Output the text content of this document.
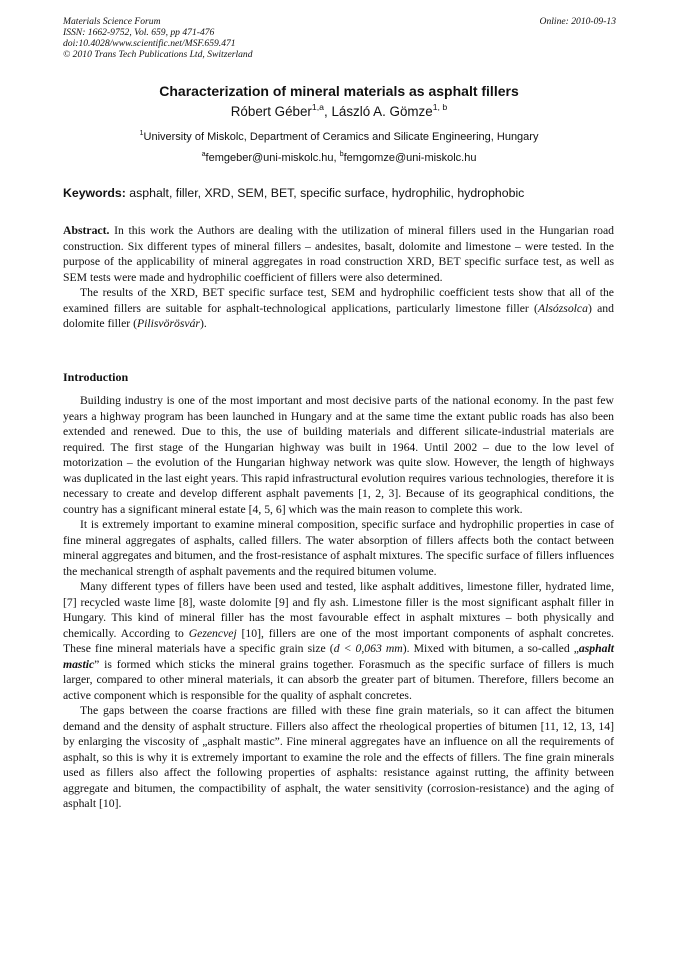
Materials Science Forum
ISSN: 1662-9752, Vol. 659, pp 471-476
doi:10.4028/www.scientific.net/MSF.659.471
© 2010 Trans Tech Publications Ltd, Switzerland
Online: 2010-09-13
Characterization of mineral materials as asphalt fillers
Róbert Géber$^{1,a}$, László A. Gömze$^{1, b}$
$^1$University of Miskolc, Department of Ceramics and Silicate Engineering, Hungary
$^a$femgeber@uni-miskolc.hu, $^b$femgomze@uni-miskolc.hu
Keywords: asphalt, filler, XRD, SEM, BET, specific surface, hydrophilic, hydrophobic

Abstract. In this work the Authors are dealing with the utilization of mineral fillers used in the Hungarian road construction. Six different types of mineral fillers – andesites, basalt, dolomite and limestone – were tested. In the purpose of the applicability of mineral aggregates in road construction XRD, BET specific surface test, as well as SEM tests were made and hydrophilic coefficient of fillers were also determined.

The results of the XRD, BET specific surface test, SEM and hydrophilic coefficient tests show that all of the examined fillers are suitable for asphalt-technological applications, particularly limestone filler (Alsózsolca) and dolomite filler (Pilisvörösvár).

Introduction

Building industry is one of the most important and most decisive parts of the national economy. In the past few years a highway program has been launched in Hungary and at the same time the extant public roads has also been extended and renewed. Due to this, the use of building materials and different silicate-industrial materials are required. The first stage of the Hungarian highway was built in 1964. Until 2002 – due to the low level of motorization – the evolution of the Hungarian highway network was quite slow. However, the length of highways was duplicated in the last eight years. This rapid infrastructural evolution requires various technologies, therefore it is necessary to create and develop different asphalt pavements [1, 2, 3]. Because of its geographical conditions, the country has a significant mineral estate [4, 5, 6] which was the main reason to complete this work.

It is extremely important to examine mineral composition, specific surface and hydrophilic properties in case of fine mineral aggregates of asphalts, called fillers. The water absorption of fillers affects both the contact between mineral aggregates and bitumen, and the frost-resistance of asphalt mixtures. The specific surface of fillers influences the mechanical strength of asphalt pavements and the required bitumen volume.

Many different types of fillers have been used and tested, like asphalt additives, limestone filler, hydrated lime, [7] recycled waste lime [8], waste dolomite [9] and fly ash. Limestone filler is the most significant asphalt filler in Hungary. This kind of mineral filler has the most favourable effect in asphalt mixtures – both physically and chemically. According to Gezencvej [10], fillers are one of the most important components of asphalt concretes. These fine mineral materials have a specific grain size (d < 0,063 mm). Mixed with bitumen, a so-called „asphalt mastic” is formed which sticks the mineral grains together. Forasmuch as the specific surface of fillers is much larger, compared to other mineral materials, it can absorb the greater part of bitumen. Therefore, fillers become an active component which is responsible for the quality of asphalt concretes.

The gaps between the coarse fractions are filled with these fine grain materials, so it can affect the bitumen demand and the density of asphalt structure. Fillers also affect the rheological properties of bitumen [11, 12, 13, 14] by enlarging the viscosity of „asphalt mastic”. Fine mineral aggregates have an influence on all the requirements of asphalt, so this is why it is extremely important to examine the role and the effects of fillers. The fine grain minerals used as fillers also affect the following properties of asphalts: resistance against rutting, the affinity between aggregate and bitumen, the compactibility of asphalt, the water sensitivity (corrosion-resistance) and the aging of asphalt [10].
